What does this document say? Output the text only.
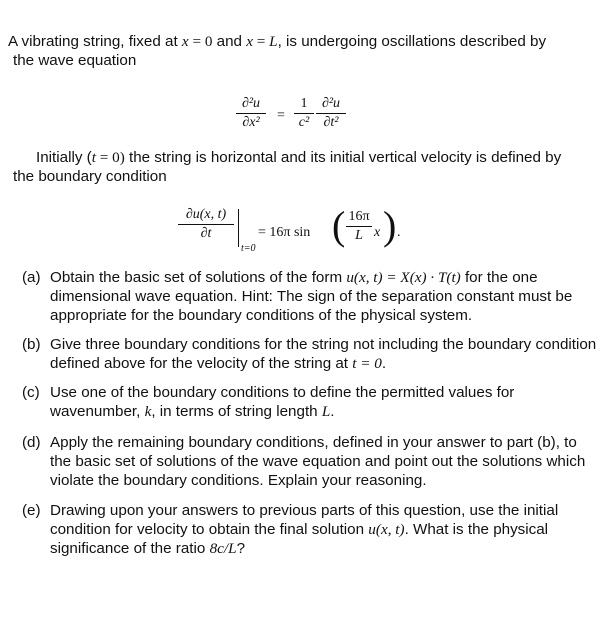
A vibrating string, fixed at x = 0 and x = L, is undergoing oscillations described by
the wave equation

$\frac{\text{∂²u}}{\text{∂x²}} = \frac{1}{\text{c²}} \frac{\text{∂²u}}{\text{∂t²}}$

Initially (t = 0) the string is horizontal and its initial vertical velocity is defined by
the boundary condition

$\frac{\partial u(x, t)}{\partial t}$
t=0
= 16π sin ( $\frac{16\pi}{L}$ x ) .
(a) Obtain the basic set of solutions of the form u(x, t) = X(x) · T(t) for the one dimensional wave equation. Hint: The sign of the separation constant must be appropriate for the boundary conditions of the physical system.
(b) Give three boundary conditions for the string not including the boundary condition defined above for the velocity of the string at t = 0.
(c) Use one of the boundary conditions to define the permitted values for wavenumber, k, in terms of string length L.
(d) Apply the remaining boundary conditions, defined in your answer to part (b), to the basic set of solutions of the wave equation and point out the solutions which violate the boundary conditions. Explain your reasoning.
(e) Drawing upon your answers to previous parts of this question, use the initial condition for velocity to obtain the final solution u(x, t). What is the physical significance of the ratio 8c/L?
